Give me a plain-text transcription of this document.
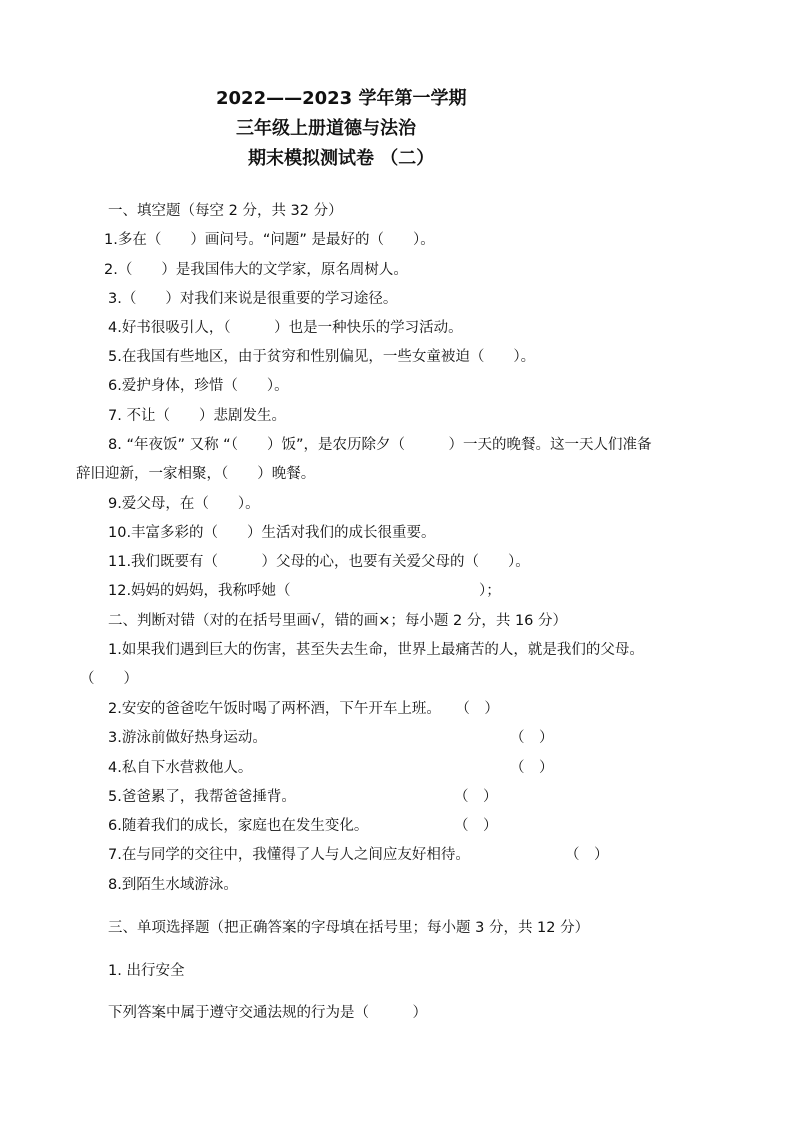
2022——2023 学年第一学期
三年级上册道德与法治
期末模拟测试卷 （二）
一、填空题（每空 2 分，共 32 分）
1.多在（　　）画问号。“问题” 是最好的（　　）。
2.（　　）是我国伟大的文学家，原名周树人。
3.（　　）对我们来说是很重要的学习途径。
4.好书很吸引人，（　　　）也是一种快乐的学习活动。
5.在我国有些地区，由于贫穷和性别偏见，一些女童被迫（　　）。
6.爱护身体，珍惜（　　）。
7. 不让（　　）悲剧发生。
8. “年夜饭” 又称 “（　　）饭”，是农历除夕（　　　）一天的晚餐。这一天人们准备
辞旧迎新，一家相聚，（　　）晚餐。
9.爱父母，在（　　）。
10.丰富多彩的（　　）生活对我们的成长很重要。
11.我们既要有（　　　）父母的心，也要有关爱父母的（　　）。
12.妈妈的妈妈，我称呼她（　　　　　　　　　　　　　）；
二、判断对错（对的在括号里画√，错的画×；每小题 2 分，共 16 分）
1.如果我们遇到巨大的伤害，甚至失去生命，世界上最痛苦的人，就是我们的父母。
（　　）
2.安安的爸爸吃午饭时喝了两杯酒，下午开车上班。　　（　）
3.游泳前做好热身运动。	（　）
4.私自下水营救他人。	（　）
5.爸爸累了，我帮爸爸捶背。	（　）
6.随着我们的成长，家庭也在发生变化。	（　）
7.在与同学的交往中，我懂得了人与人之间应友好相待。	（　）
8.到陌生水域游泳。
三、单项选择题（把正确答案的字母填在括号里；每小题 3 分，共 12 分）
1. 出行安全
下列答案中属于遵守交通法规的行为是（　　　）
